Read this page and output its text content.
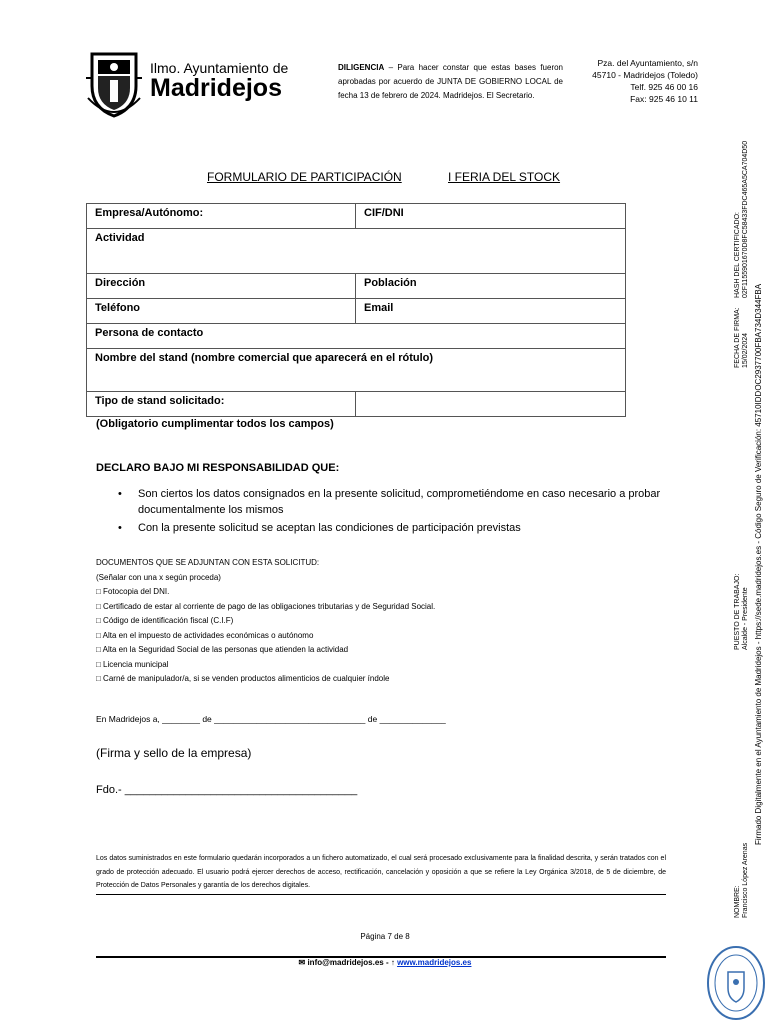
Ilmo. Ayuntamiento de
Madridejos
DILIGENCIA – Para hacer constar que estas bases fueron aprobadas por acuerdo de JUNTA DE GOBIERNO LOCAL de fecha 13 de febrero de 2024. Madridejos. El Secretario.
Pza. del Ayuntamiento, s/n
45710 - Madridejos (Toledo)
Telf. 925 46 00 16
Fax: 925 46 10 11
FORMULARIO DE PARTICIPACIÓN	I FERIA DEL STOCK
Empresa/Autónomo:	CIF/DNI
Actividad	
Dirección	Población
Teléfono	Email
Persona de contacto	
Nombre del stand (nombre comercial que aparecerá en el rótulo)	
Tipo de stand solicitado:	
(Obligatorio cumplimentar todos los campos)
DECLARO BAJO MI RESPONSABILIDAD QUE:
• Son ciertos los datos consignados en la presente solicitud, comprometiéndome en caso necesario a probar documentalmente los mismos
• Con la presente solicitud se aceptan las condiciones de participación previstas
DOCUMENTOS QUE SE ADJUNTAN CON ESTA SOLICITUD:
(Señalar con una x según proceda)
□ Fotocopia del DNI.
□ Certificado de estar al corriente de pago de las obligaciones tributarias y de Seguridad Social.
□ Código de identificación fiscal (C.I.F)
□ Alta en el impuesto de actividades económicas o autónomo
□ Alta en la Seguridad Social de las personas que atienden la actividad
□ Licencia municipal
□ Carné de manipulador/a, si se venden productos alimenticios de cualquier índole
En Madridejos a, ________ de ________________________________ de ______________
(Firma y sello de la empresa)
Fdo.- ______________________________________
Los datos suministrados en este formulario quedarán incorporados a un fichero automatizado, el cual será procesado exclusivamente para la finalidad descrita, y serán tratados con el grado de protección adecuado. El usuario podrá ejercer derechos de acceso, rectificación, cancelación y oposición a que se refiere la Ley Orgánica 3/2018, de 5 de diciembre, de Protección de Datos Personales y garantía de los derechos digitales.
Página 7 de 8
✉ info@madridejos.es - ↑ www.madridejos.es
FECHA DE FIRMA: 15/02/2024
HASH DEL CERTIFICADO: 02F1155901670D8FC58433FDC465A5CA704D50
PUESTO DE TRABAJO: Alcalde - Presidente
NOMBRE: Francisco López Arenas
Firmado Digitalmente en el Ayuntamiento de Madridejos - https://sede.madridejos.es - Código Seguro de Verificación: 45710IDDOC2937700FBA734D344FBA
